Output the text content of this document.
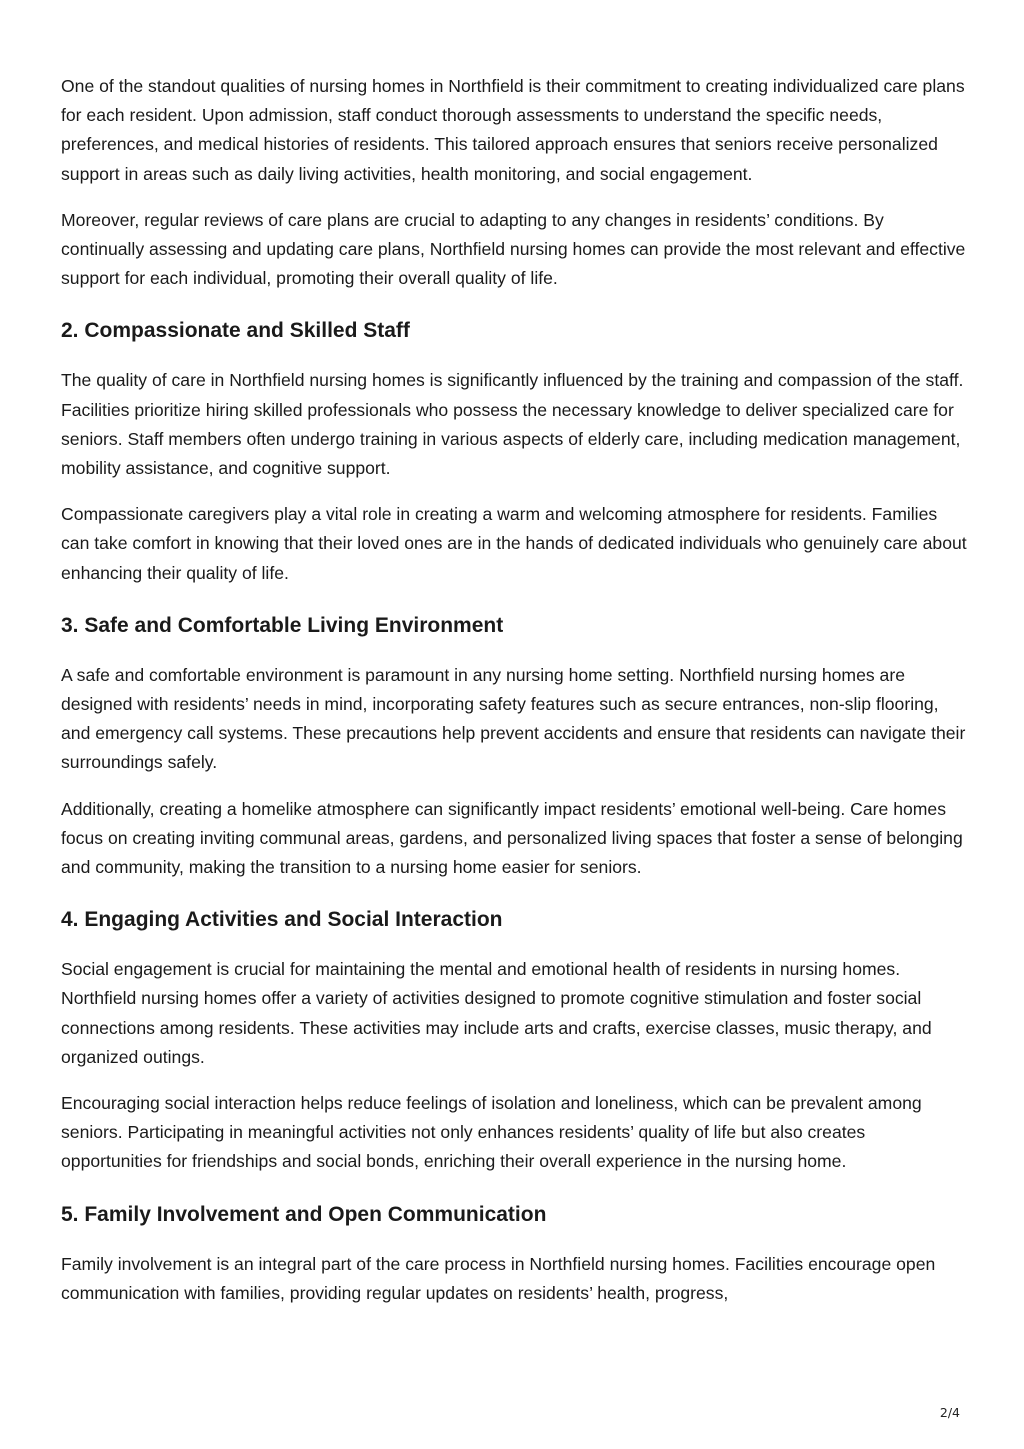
One of the standout qualities of nursing homes in Northfield is their commitment to creating individualized care plans for each resident. Upon admission, staff conduct thorough assessments to understand the specific needs, preferences, and medical histories of residents. This tailored approach ensures that seniors receive personalized support in areas such as daily living activities, health monitoring, and social engagement.

Moreover, regular reviews of care plans are crucial to adapting to any changes in residents’ conditions. By continually assessing and updating care plans, Northfield nursing homes can provide the most relevant and effective support for each individual, promoting their overall quality of life.

2. Compassionate and Skilled Staff

The quality of care in Northfield nursing homes is significantly influenced by the training and compassion of the staff. Facilities prioritize hiring skilled professionals who possess the necessary knowledge to deliver specialized care for seniors. Staff members often undergo training in various aspects of elderly care, including medication management, mobility assistance, and cognitive support.

Compassionate caregivers play a vital role in creating a warm and welcoming atmosphere for residents. Families can take comfort in knowing that their loved ones are in the hands of dedicated individuals who genuinely care about enhancing their quality of life.

3. Safe and Comfortable Living Environment

A safe and comfortable environment is paramount in any nursing home setting. Northfield nursing homes are designed with residents’ needs in mind, incorporating safety features such as secure entrances, non-slip flooring, and emergency call systems. These precautions help prevent accidents and ensure that residents can navigate their surroundings safely.

Additionally, creating a homelike atmosphere can significantly impact residents’ emotional well-being. Care homes focus on creating inviting communal areas, gardens, and personalized living spaces that foster a sense of belonging and community, making the transition to a nursing home easier for seniors.

4. Engaging Activities and Social Interaction

Social engagement is crucial for maintaining the mental and emotional health of residents in nursing homes. Northfield nursing homes offer a variety of activities designed to promote cognitive stimulation and foster social connections among residents. These activities may include arts and crafts, exercise classes, music therapy, and organized outings.

Encouraging social interaction helps reduce feelings of isolation and loneliness, which can be prevalent among seniors. Participating in meaningful activities not only enhances residents’ quality of life but also creates opportunities for friendships and social bonds, enriching their overall experience in the nursing home.

5. Family Involvement and Open Communication

Family involvement is an integral part of the care process in Northfield nursing homes. Facilities encourage open communication with families, providing regular updates on residents’ health, progress,

2/4
